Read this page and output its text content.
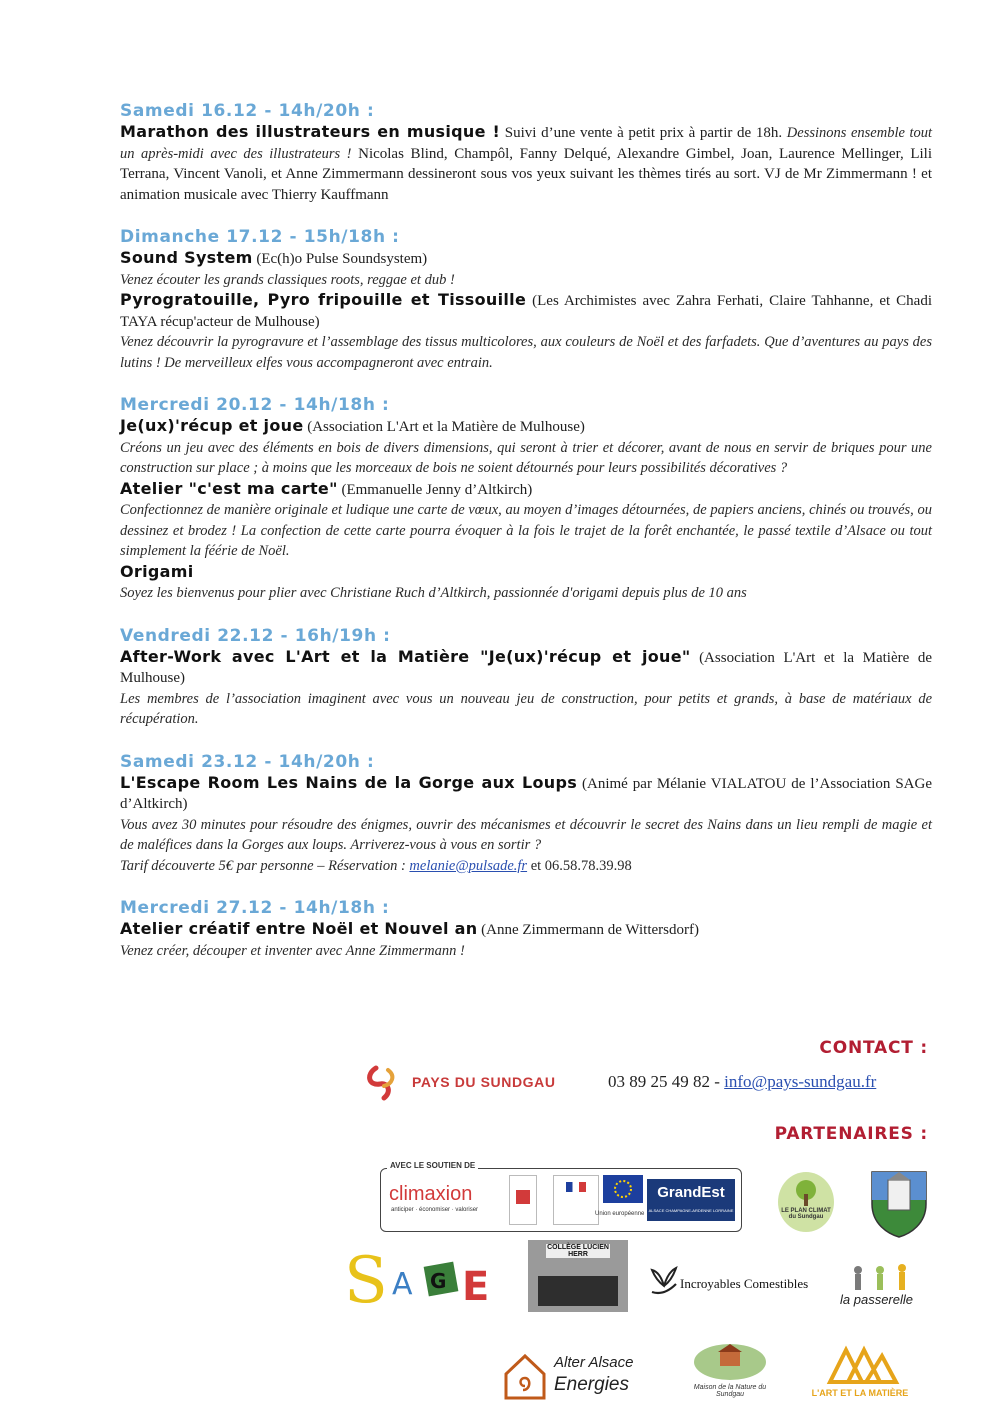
Samedi 16.12 - 14h/20h :
Marathon des illustrateurs en musique ! Suivi d’une vente à petit prix à partir de 18h. Dessinons ensemble tout un après-midi avec des illustrateurs ! Nicolas Blind, Champôl, Fanny Delqué, Alexandre Gimbel, Joan, Laurence Mellinger, Lili Terrana, Vincent Vanoli, et Anne Zimmermann dessineront sous vos yeux suivant les thèmes tirés au sort. VJ de Mr Zimmermann ! et animation musicale avec Thierry Kauffmann
Dimanche 17.12 - 15h/18h :
Sound System (Ec(h)o Pulse Soundsystem)
Venez écouter les grands classiques roots, reggae et dub !
Pyrogratouille, Pyro fripouille et Tissouille (Les Archimistes avec Zahra Ferhati, Claire Tahhanne, et Chadi TAYA récup'acteur de Mulhouse)
Venez découvrir la pyrogravure et l’assemblage des tissus multicolores, aux couleurs de Noël et des farfadets. Que d’aventures au pays des lutins ! De merveilleux elfes vous accompagneront avec entrain.
Mercredi 20.12 - 14h/18h :
Je(ux)'récup et joue (Association L'Art et la Matière de Mulhouse)
Créons un jeu avec des éléments en bois de divers dimensions, qui seront à trier et décorer, avant de nous en servir de briques pour une construction sur place ; à moins que les morceaux de bois ne soient détournés pour leurs possibilités décoratives ?
Atelier "c'est ma carte" (Emmanuelle Jenny d’Altkirch)
Confectionnez de manière originale et ludique une carte de vœux, au moyen d’images détournées, de papiers anciens, chinés ou trouvés, ou dessinez et brodez ! La confection de cette carte pourra évoquer à la fois le trajet de la forêt enchantée, le passé textile d’Alsace ou tout simplement la féérie de Noël.
Origami
Soyez les bienvenus pour plier avec Christiane Ruch d’Altkirch, passionnée d'origami depuis plus de 10 ans
Vendredi 22.12 - 16h/19h :
After-Work avec L'Art et la Matière "Je(ux)'récup et joue" (Association L'Art et la Matière de Mulhouse)
Les membres de l’association imaginent avec vous un nouveau jeu de construction, pour petits et grands, à base de matériaux de récupération.
Samedi 23.12 - 14h/20h :
L'Escape Room Les Nains de la Gorge aux Loups (Animé par Mélanie VIALATOU de l’Association SAGe d’Altkirch)
Vous avez 30 minutes pour résoudre des énigmes, ouvrir des mécanismes et découvrir le secret des Nains dans un lieu rempli de magie et de maléfices dans la Gorges aux loups. Arriverez-vous à vous en sortir ?
Tarif découverte 5€ par personne – Réservation : melanie@pulsade.fr et 06.58.78.39.98
Mercredi 27.12 - 14h/18h :
Atelier créatif entre Noël et Nouvel an (Anne Zimmermann de Wittersdorf)
Venez créer, découper et inventer avec Anne Zimmermann !
CONTACT :
PAYS DU SUNDGAU	03 89 25 49 82 - info@pays-sundgau.fr
PARTENAIRES :
AVEC LE SOUTIEN DE
climaxion
anticiper · économiser · valoriser
Union européenne
GrandEst
ALSACE CHAMPAGNE-ARDENNE LORRAINE	LE PLAN CLIMAT du Sundgau
S A G E
COLLÈGE LUCIEN HERR
Incroyables Comestibles
la passerelle
Alter Alsace
Energies	Maison de la Nature du Sundgau	L'ART ET LA MATIÈRE
